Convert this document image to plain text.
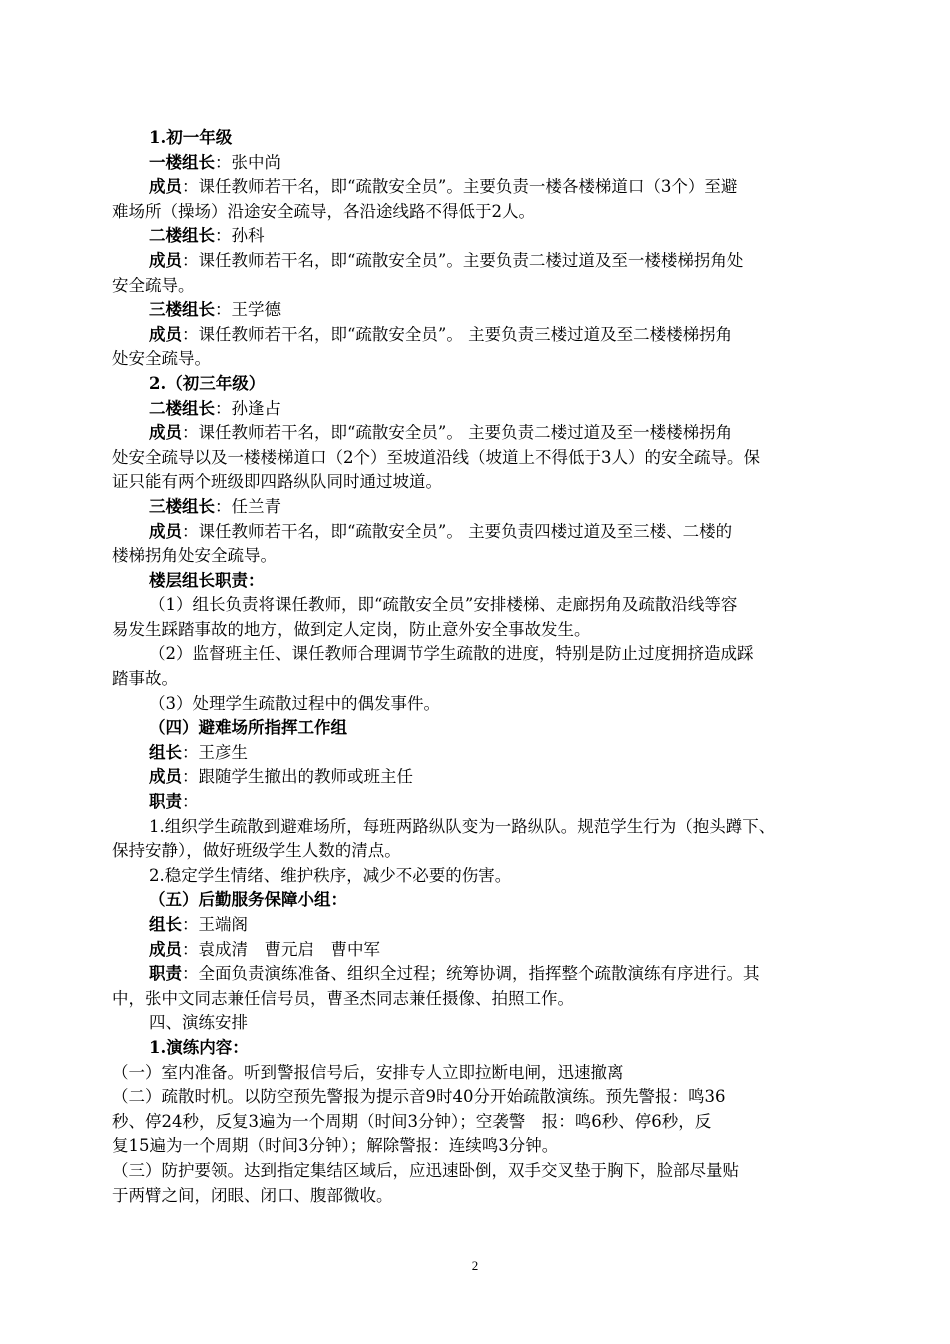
1.初一年级
一楼组长：张中尚
成员：课任教师若干名，即“疏散安全员”。主要负责一楼各楼梯道口（3个）至避
难场所（操场）沿途安全疏导，各沿途线路不得低于2人。
二楼组长：孙科
成员：课任教师若干名，即“疏散安全员”。主要负责二楼过道及至一楼楼梯拐角处
安全疏导。
三楼组长：王学德
成员：课任教师若干名，即“疏散安全员”。 主要负责三楼过道及至二楼楼梯拐角
处安全疏导。
2.（初三年级）
二楼组长：孙逢占
成员：课任教师若干名，即“疏散安全员”。 主要负责二楼过道及至一楼楼梯拐角
处安全疏导以及一楼楼梯道口（2个）至坡道沿线（坡道上不得低于3人）的安全疏导。保
证只能有两个班级即四路纵队同时通过坡道。
三楼组长：任兰青
成员：课任教师若干名，即“疏散安全员”。 主要负责四楼过道及至三楼、二楼的
楼梯拐角处安全疏导。
楼层组长职责：
（1）组长负责将课任教师，即“疏散安全员”安排楼梯、走廊拐角及疏散沿线等容
易发生踩踏事故的地方，做到定人定岗，防止意外安全事故发生。
（2）监督班主任、课任教师合理调节学生疏散的进度，特别是防止过度拥挤造成踩
踏事故。
（3）处理学生疏散过程中的偶发事件。
（四）避难场所指挥工作组
组长：王彦生
成员：跟随学生撤出的教师或班主任
职责：
1.组织学生疏散到避难场所，每班两路纵队变为一路纵队。规范学生行为（抱头蹲下、
保持安静），做好班级学生人数的清点。
2.稳定学生情绪、维护秩序，减少不必要的伤害。
（五）后勤服务保障小组：
组长：王端阁
成员：袁成清　曹元启　曹中军
职责：全面负责演练准备、组织全过程；统筹协调，指挥整个疏散演练有序进行。其
中，张中文同志兼任信号员，曹圣杰同志兼任摄像、拍照工作。
四、演练安排
1.演练内容：
（一）室内准备。听到警报信号后，安排专人立即拉断电闸，迅速撤离
（二）疏散时机。以防空预先警报为提示音9时40分开始疏散演练。预先警报：鸣36
秒、停24秒，反复3遍为一个周期（时间3分钟）；空袭警　报：鸣6秒、停6秒，反
复15遍为一个周期（时间3分钟）；解除警报：连续鸣3分钟。
（三）防护要领。达到指定集结区域后，应迅速卧倒，双手交叉垫于胸下，脸部尽量贴
于两臂之间，闭眼、闭口、腹部微收。
2
